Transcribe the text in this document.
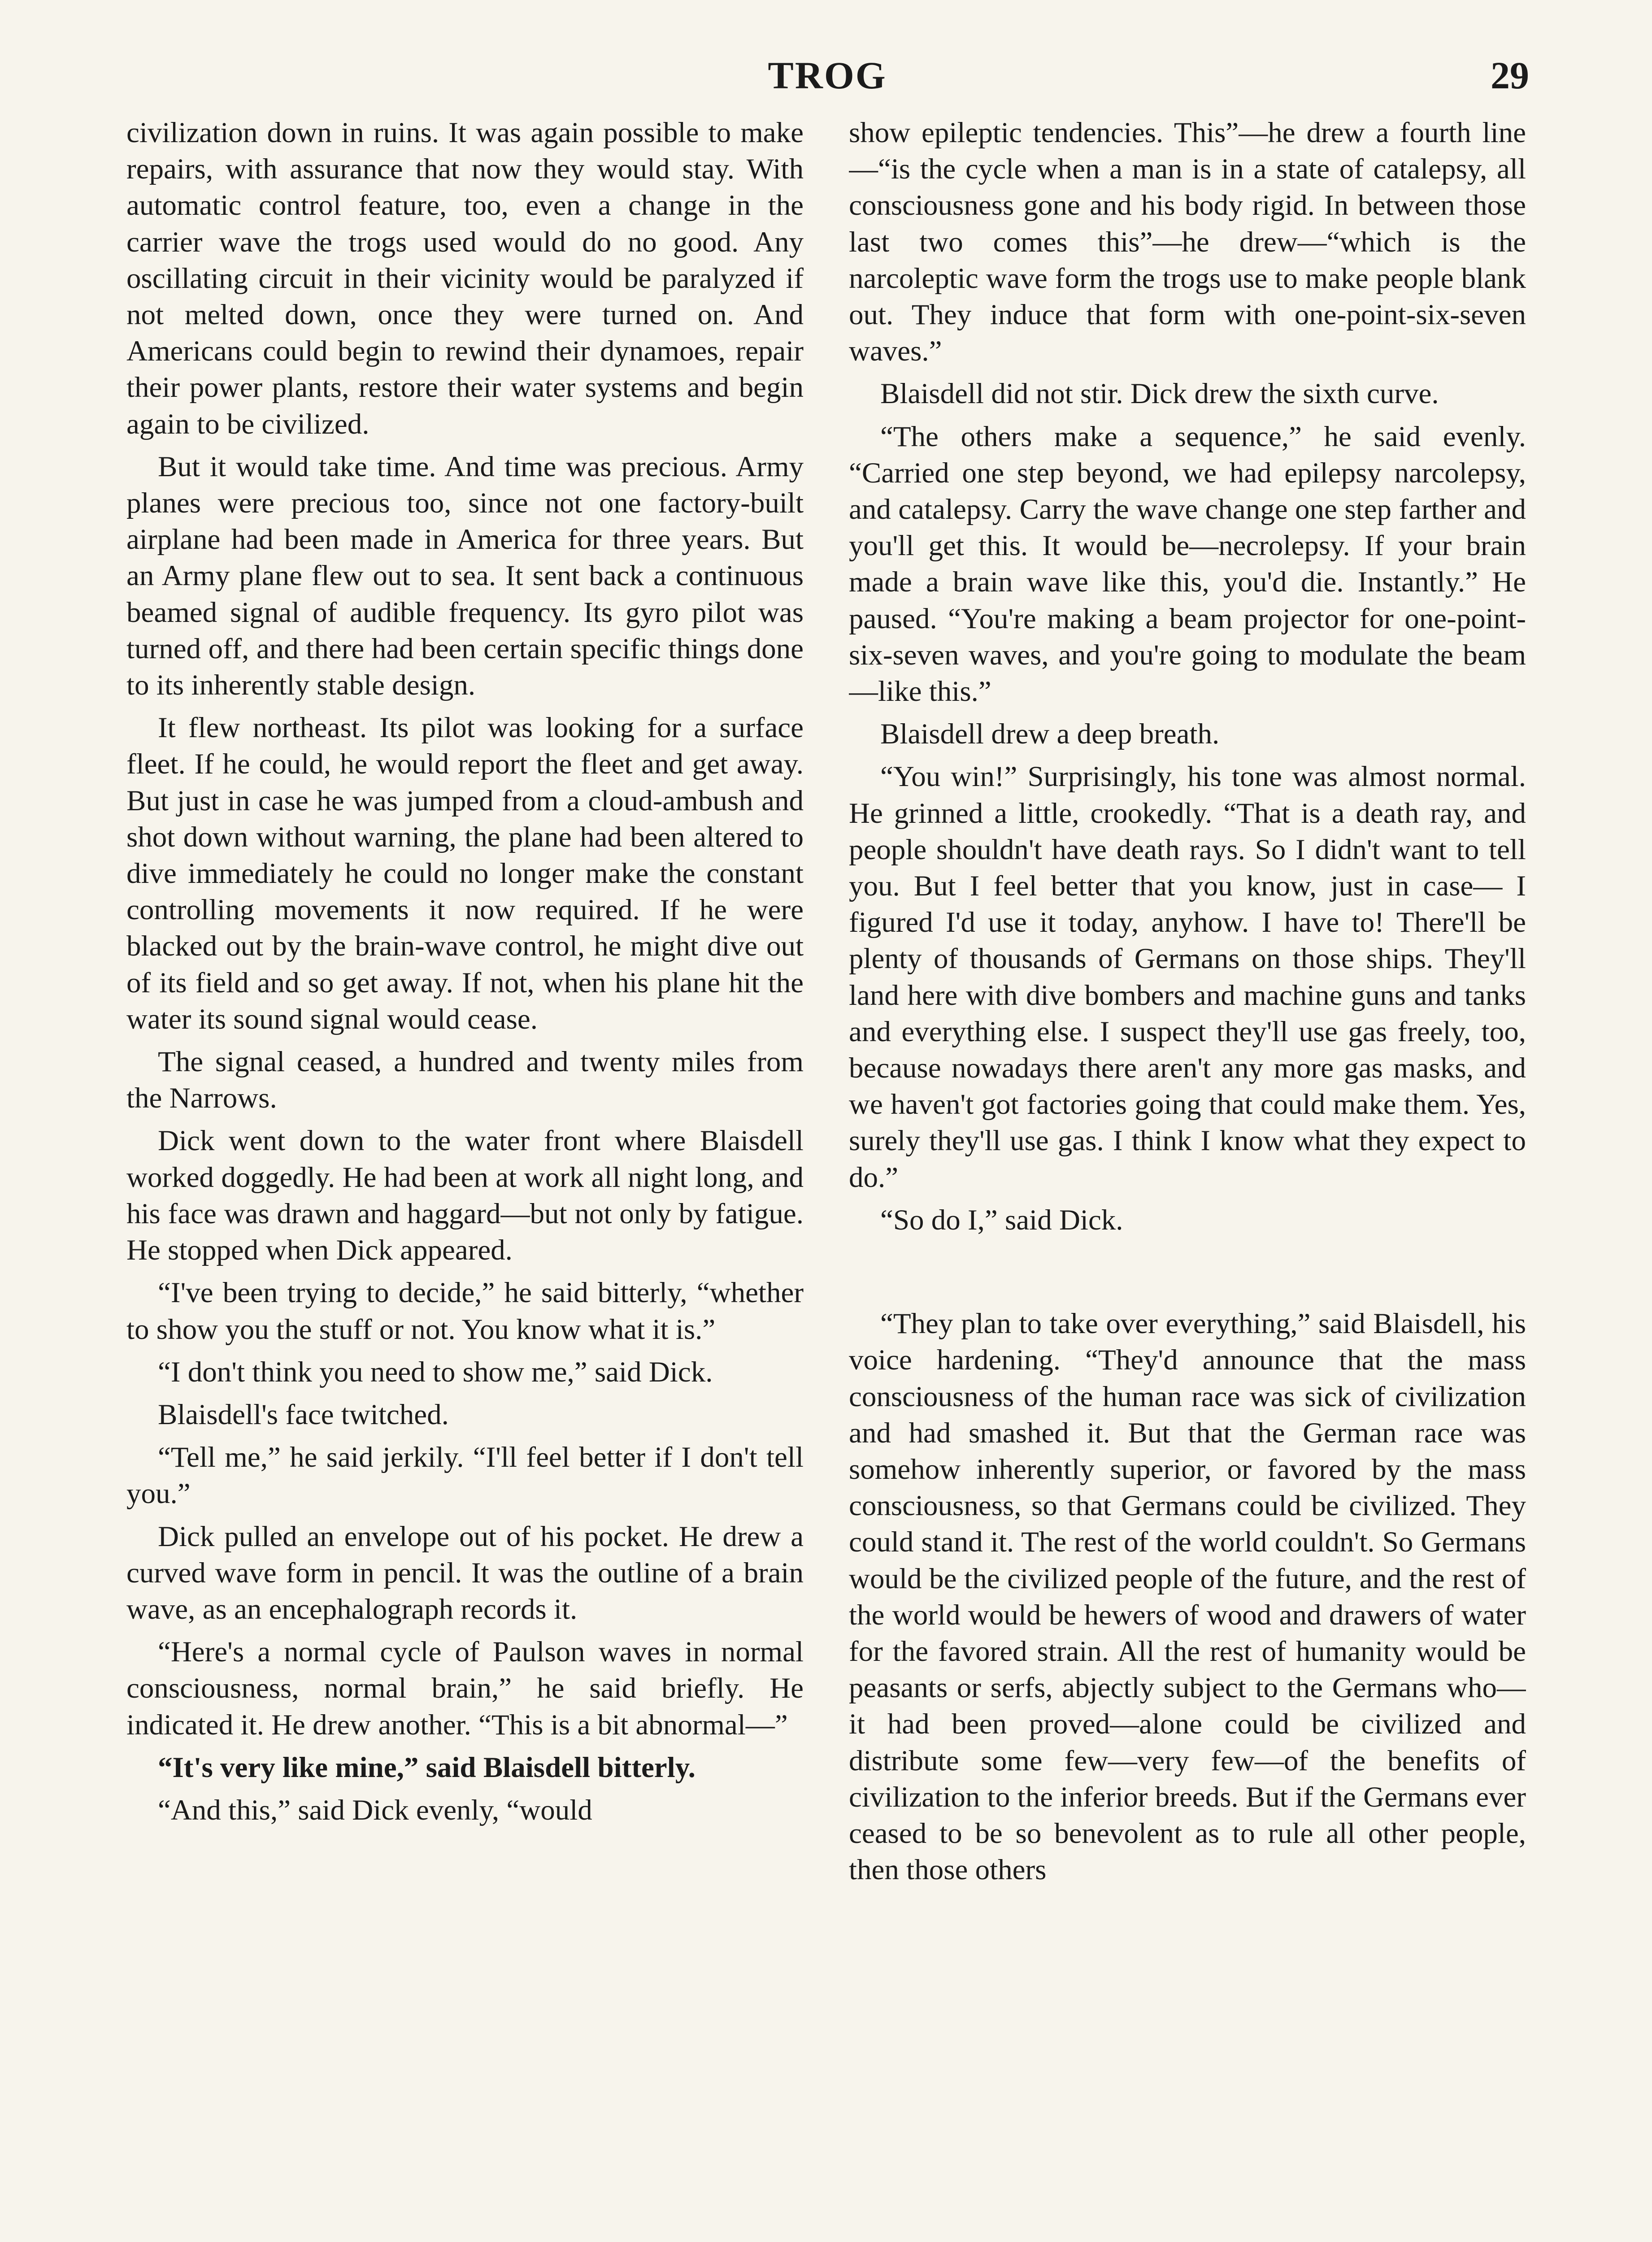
TROG	29

civilization down in ruins. It was again possible to make repairs, with assurance that now they would stay. With automatic control feature, too, even a change in the carrier wave the trogs used would do no good. Any oscillating circuit in their vicinity would be paralyzed if not melted down, once they were turned on. And Americans could begin to rewind their dynamoes, repair their power plants, restore their water systems and begin again to be civilized.

But it would take time. And time was precious. Army planes were precious too, since not one factory-built airplane had been made in America for three years. But an Army plane flew out to sea. It sent back a continuous beamed signal of audible frequency. Its gyro pilot was turned off, and there had been certain specific things done to its inherently stable design.

It flew northeast. Its pilot was looking for a surface fleet. If he could, he would report the fleet and get away. But just in case he was jumped from a cloud-ambush and shot down without warning, the plane had been altered to dive immediately he could no longer make the constant controlling movements it now required. If he were blacked out by the brain-wave control, he might dive out of its field and so get away. If not, when his plane hit the water its sound signal would cease.

The signal ceased, a hundred and twenty miles from the Narrows.

Dick went down to the water front where Blaisdell worked doggedly. He had been at work all night long, and his face was drawn and haggard—but not only by fatigue. He stopped when Dick appeared.

“I've been trying to decide,” he said bitterly, “whether to show you the stuff or not. You know what it is.”

“I don't think you need to show me,” said Dick.

Blaisdell's face twitched.

“Tell me,” he said jerkily. “I'll feel better if I don't tell you.”

Dick pulled an envelope out of his pocket. He drew a curved wave form in pencil. It was the outline of a brain wave, as an encephalograph records it.

“Here's a normal cycle of Paulson waves in normal consciousness, normal brain,” he said briefly. He indicated it. He drew another. “This is a bit abnormal—”

“It's very like mine,” said Blaisdell bitterly.

“And this,” said Dick evenly, “would

show epileptic tendencies. This”—he drew a fourth line—“is the cycle when a man is in a state of catalepsy, all consciousness gone and his body rigid. In between those last two comes this”—he drew—“which is the narcoleptic wave form the trogs use to make people blank out. They induce that form with one-point-six-seven waves.”

Blaisdell did not stir. Dick drew the sixth curve.

“The others make a sequence,” he said evenly. “Carried one step beyond, we had epilepsy narcolepsy, and catalepsy. Carry the wave change one step farther and you'll get this. It would be—necrolepsy. If your brain made a brain wave like this, you'd die. Instantly.” He paused. “You're making a beam projector for one-point-six-seven waves, and you're going to modulate the beam—like this.”

Blaisdell drew a deep breath.

“You win!” Surprisingly, his tone was almost normal. He grinned a little, crookedly. “That is a death ray, and people shouldn't have death rays. So I didn't want to tell you. But I feel better that you know, just in case— I figured I'd use it today, anyhow. I have to! There'll be plenty of thousands of Germans on those ships. They'll land here with dive bombers and machine guns and tanks and everything else. I suspect they'll use gas freely, too, because nowadays there aren't any more gas masks, and we haven't got factories going that could make them. Yes, surely they'll use gas. I think I know what they expect to do.”

“So do I,” said Dick.

“They plan to take over everything,” said Blaisdell, his voice hardening. “They'd announce that the mass consciousness of the human race was sick of civilization and had smashed it. But that the German race was somehow inherently superior, or favored by the mass consciousness, so that Germans could be civilized. They could stand it. The rest of the world couldn't. So Germans would be the civilized people of the future, and the rest of the world would be hewers of wood and drawers of water for the favored strain. All the rest of humanity would be peasants or serfs, abjectly subject to the Germans who—it had been proved—alone could be civilized and distribute some few—very few—of the benefits of civilization to the inferior breeds. But if the Germans ever ceased to be so benevolent as to rule all other people, then those others
